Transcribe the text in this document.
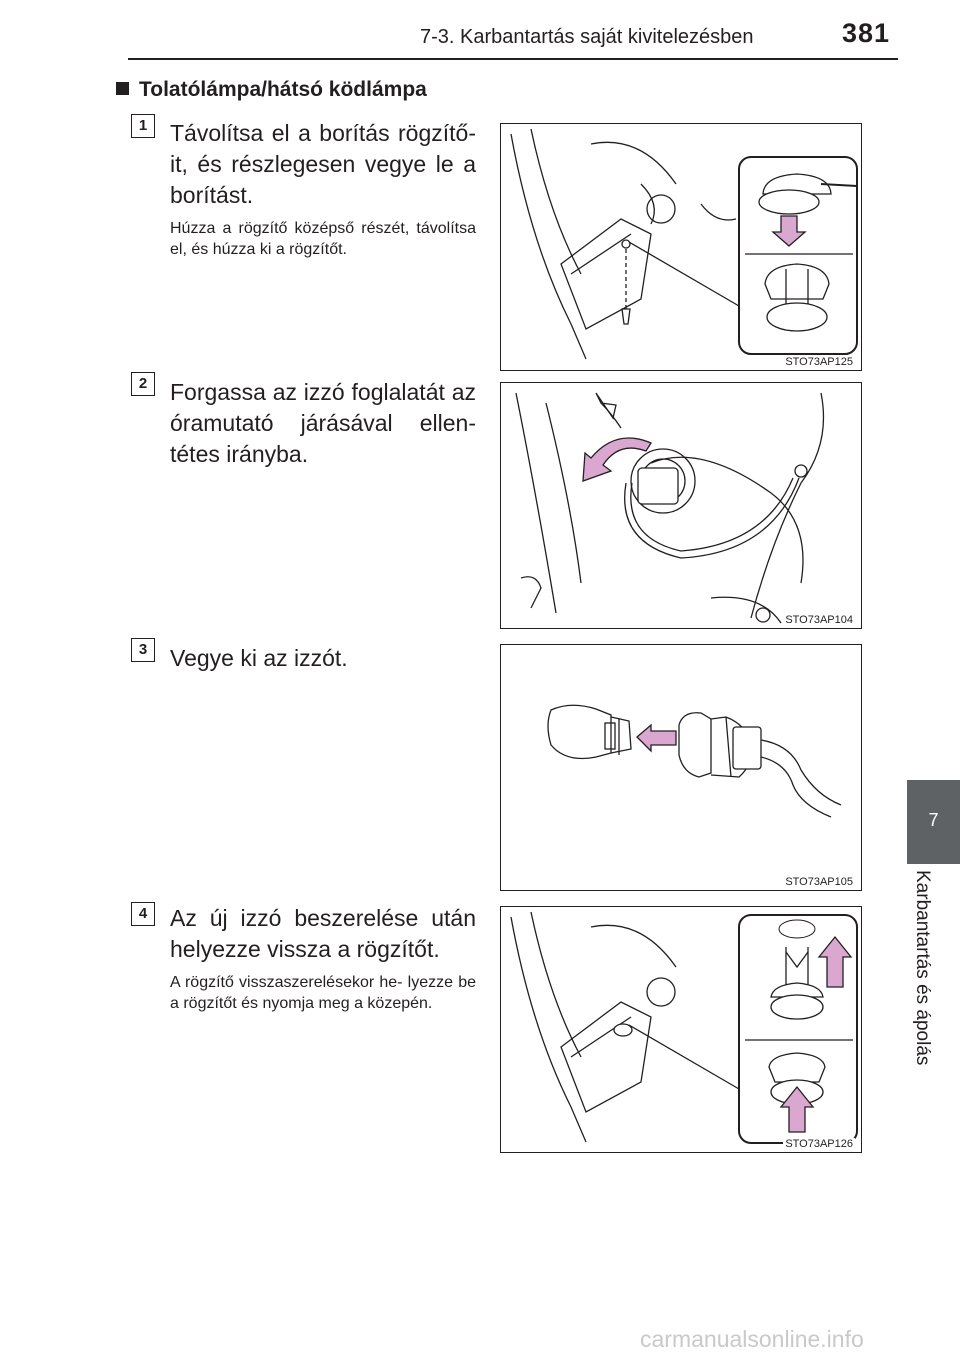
7-3. Karbantartás saját kivitelezésben	381
7
Karbantartás és ápolás
Tolatólámpa/hátsó ködlámpa
1 Távolítsa el a borítás rögzítő- it, és részlegesen vegye le a borítást.
Húzza a rögzítő középső részét, távolítsa el, és húzza ki a rögzítőt.
STO73AP125
2 Forgassa az izzó foglalatát az óramutató járásával ellen- tétes irányba.
STO73AP104
3 Vegye ki az izzót.
STO73AP105
4 Az új izzó beszerelése után helyezze vissza a rögzítőt.
A rögzítő visszaszerelésekor he- lyezze be a rögzítőt és nyomja meg a közepén.
STO73AP126
carmanualsonline.info
